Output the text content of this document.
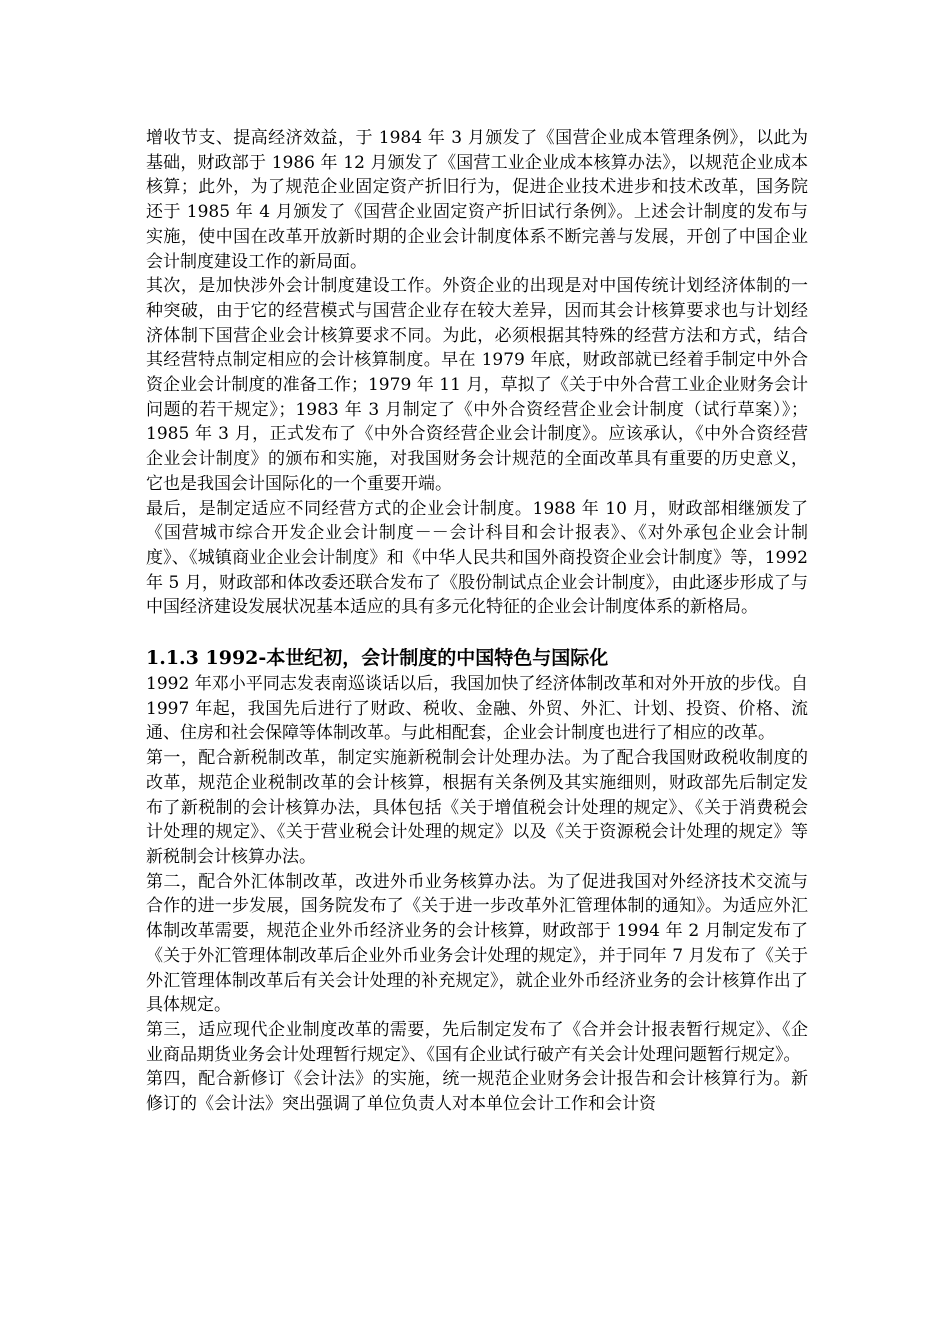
增收节支、提高经济效益，于 1984 年 3 月颁发了《国营企业成本管理条例》，以此为基础，财政部于 1986 年 12 月颁发了《国营工业企业成本核算办法》，以规范企业成本核算；此外，为了规范企业固定资产折旧行为，促进企业技术进步和技术改革，国务院还于 1985 年 4 月颁发了《国营企业固定资产折旧试行条例》。上述会计制度的发布与实施，使中国在改革开放新时期的企业会计制度体系不断完善与发展，开创了中国企业会计制度建设工作的新局面。

其次，是加快涉外会计制度建设工作。外资企业的出现是对中国传统计划经济体制的一种突破，由于它的经营模式与国营企业存在较大差异，因而其会计核算要求也与计划经济体制下国营企业会计核算要求不同。为此，必须根据其特殊的经营方法和方式，结合其经营特点制定相应的会计核算制度。早在 1979 年底，财政部就已经着手制定中外合资企业会计制度的准备工作；1979 年 11 月，草拟了《关于中外合营工业企业财务会计问题的若干规定》；1983 年 3 月制定了《中外合资经营企业会计制度（试行草案）》；1985 年 3 月，正式发布了《中外合资经营企业会计制度》。应该承认，《中外合资经营企业会计制度》的颁布和实施，对我国财务会计规范的全面改革具有重要的历史意义，它也是我国会计国际化的一个重要开端。

最后，是制定适应不同经营方式的企业会计制度。1988 年 10 月，财政部相继颁发了《国营城市综合开发企业会计制度－－会计科目和会计报表》、《对外承包企业会计制度》、《城镇商业企业会计制度》和《中华人民共和国外商投资企业会计制度》等，1992 年 5 月，财政部和体改委还联合发布了《股份制试点企业会计制度》，由此逐步形成了与中国经济建设发展状况基本适应的具有多元化特征的企业会计制度体系的新格局。

1.1.3 1992-本世纪初，会计制度的中国特色与国际化

1992 年邓小平同志发表南巡谈话以后，我国加快了经济体制改革和对外开放的步伐。自 1997 年起，我国先后进行了财政、税收、金融、外贸、外汇、计划、投资、价格、流通、住房和社会保障等体制改革。与此相配套，企业会计制度也进行了相应的改革。

第一，配合新税制改革，制定实施新税制会计处理办法。为了配合我国财政税收制度的改革，规范企业税制改革的会计核算，根据有关条例及其实施细则，财政部先后制定发布了新税制的会计核算办法，具体包括《关于增值税会计处理的规定》、《关于消费税会计处理的规定》、《关于营业税会计处理的规定》以及《关于资源税会计处理的规定》等新税制会计核算办法。

第二，配合外汇体制改革，改进外币业务核算办法。为了促进我国对外经济技术交流与合作的进一步发展，国务院发布了《关于进一步改革外汇管理体制的通知》。为适应外汇体制改革需要，规范企业外币经济业务的会计核算，财政部于 1994 年 2 月制定发布了《关于外汇管理体制改革后企业外币业务会计处理的规定》，并于同年 7 月发布了《关于外汇管理体制改革后有关会计处理的补充规定》，就企业外币经济业务的会计核算作出了具体规定。

第三，适应现代企业制度改革的需要，先后制定发布了《合并会计报表暂行规定》、《企业商品期货业务会计处理暂行规定》、《国有企业试行破产有关会计处理问题暂行规定》。

第四，配合新修订《会计法》的实施，统一规范企业财务会计报告和会计核算行为。新修订的《会计法》突出强调了单位负责人对本单位会计工作和会计资
